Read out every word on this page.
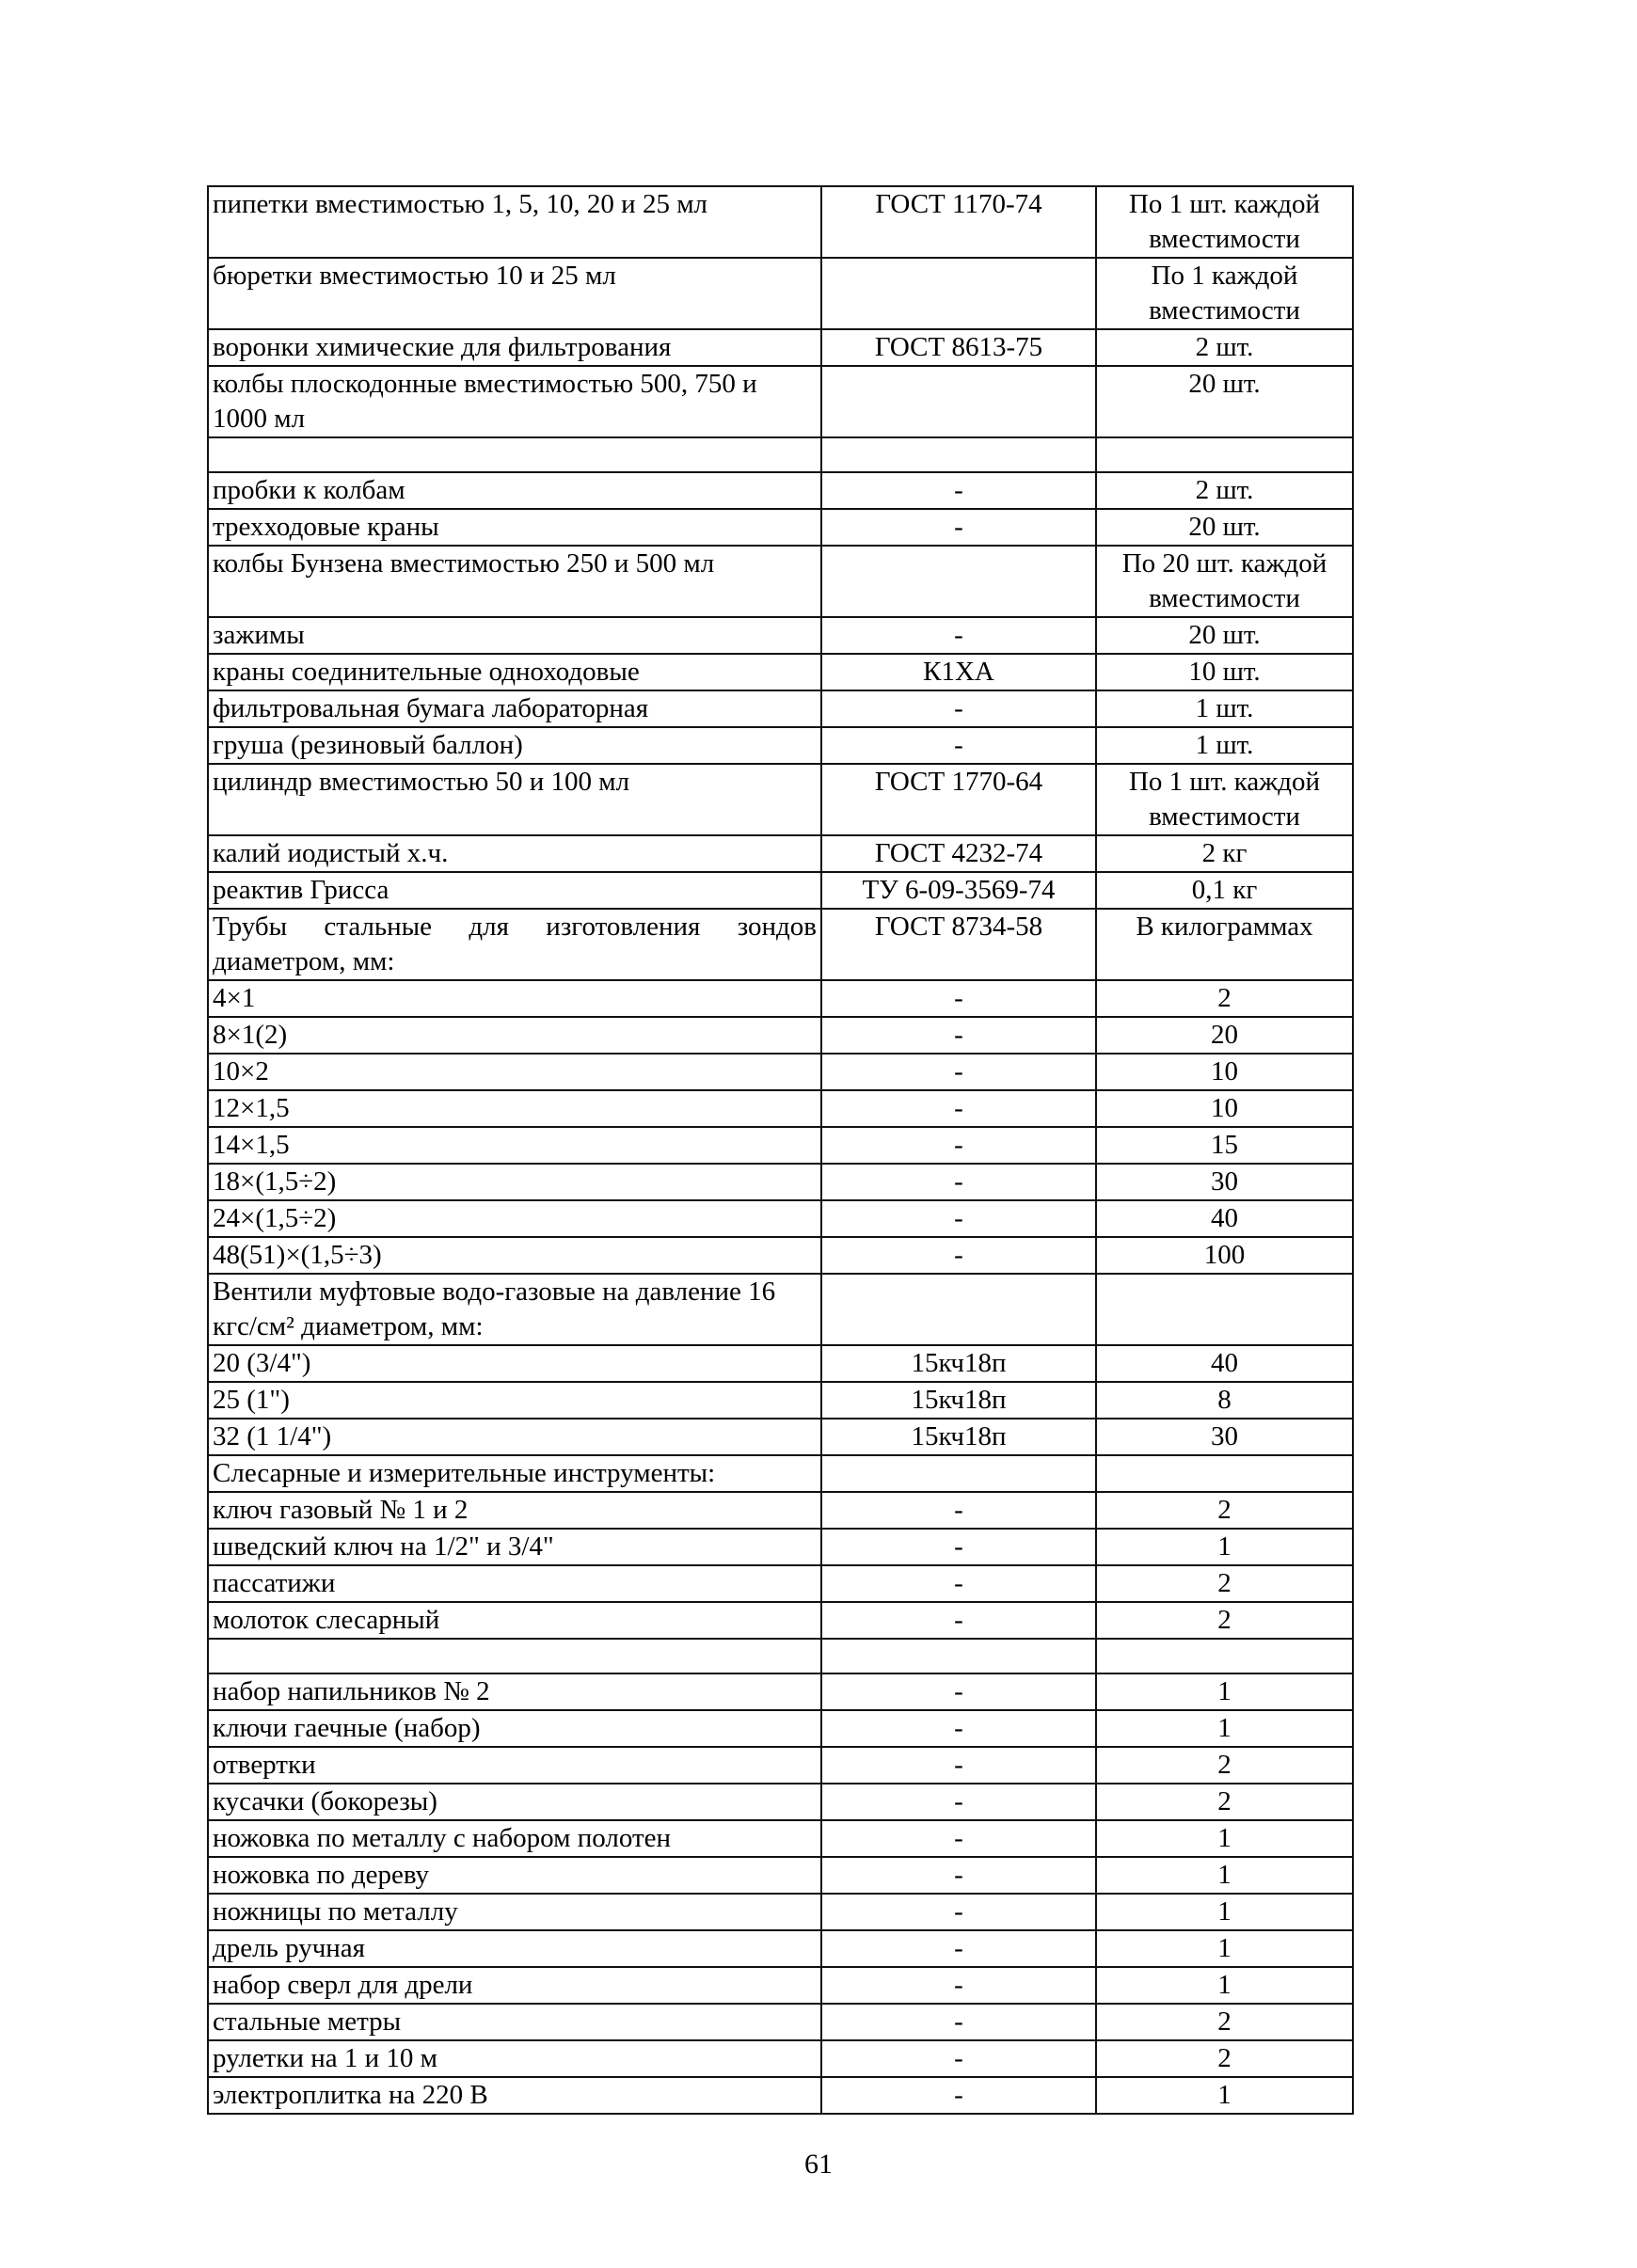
пипетки вместимостью 1, 5, 10, 20 и 25 мл	ГОСТ 1170-74	По 1 шт. каждой вместимости
бюретки вместимостью 10 и 25 мл		По 1 каждой вместимости
воронки химические для фильтрования	ГОСТ 8613-75	2 шт.
колбы плоскодонные вместимостью 500, 750 и 1000 мл		20 шт.

пробки к колбам	-	2 шт.
трехходовые краны	-	20 шт.
колбы Бунзена вместимостью 250 и 500 мл		По 20 шт. каждой вместимости
зажимы	-	20 шт.
краны соединительные одноходовые	К1ХА	10 шт.
фильтровальная бумага лабораторная	-	1 шт.
груша (резиновый баллон)	-	1 шт.
цилиндр вместимостью 50 и 100 мл	ГОСТ 1770-64	По 1 шт. каждой вместимости
калий иодистый х.ч.	ГОСТ 4232-74	2 кг
реактив Грисса	ТУ 6-09-3569-74	0,1 кг
Трубы стальные для изготовления зондов диаметром, мм:	ГОСТ 8734-58	В килограммах
4×1	-	2
8×1(2)	-	20
10×2	-	10
12×1,5	-	10
14×1,5	-	15
18×(1,5÷2)	-	30
24×(1,5÷2)	-	40
48(51)×(1,5÷3)	-	100
Вентили муфтовые водо-газовые на давление 16 кгс/см² диаметром, мм:		
20 (3/4")	15кч18п	40
25 (1")	15кч18п	8
32 (1 1/4")	15кч18п	30
Слесарные и измерительные инструменты:		
ключ газовый № 1 и 2	-	2
шведский ключ на 1/2" и 3/4"	-	1
пассатижи	-	2
молоток слесарный	-	2

набор напильников № 2	-	1
ключи гаечные (набор)	-	1
отвертки	-	2
кусачки (бокорезы)	-	2
ножовка по металлу с набором полотен	-	1
ножовка по дереву	-	1
ножницы по металлу	-	1
дрель ручная	-	1
набор сверл для дрели	-	1
стальные метры	-	2
рулетки на 1 и 10 м	-	2
электроплитка на 220 В	-	1
61
